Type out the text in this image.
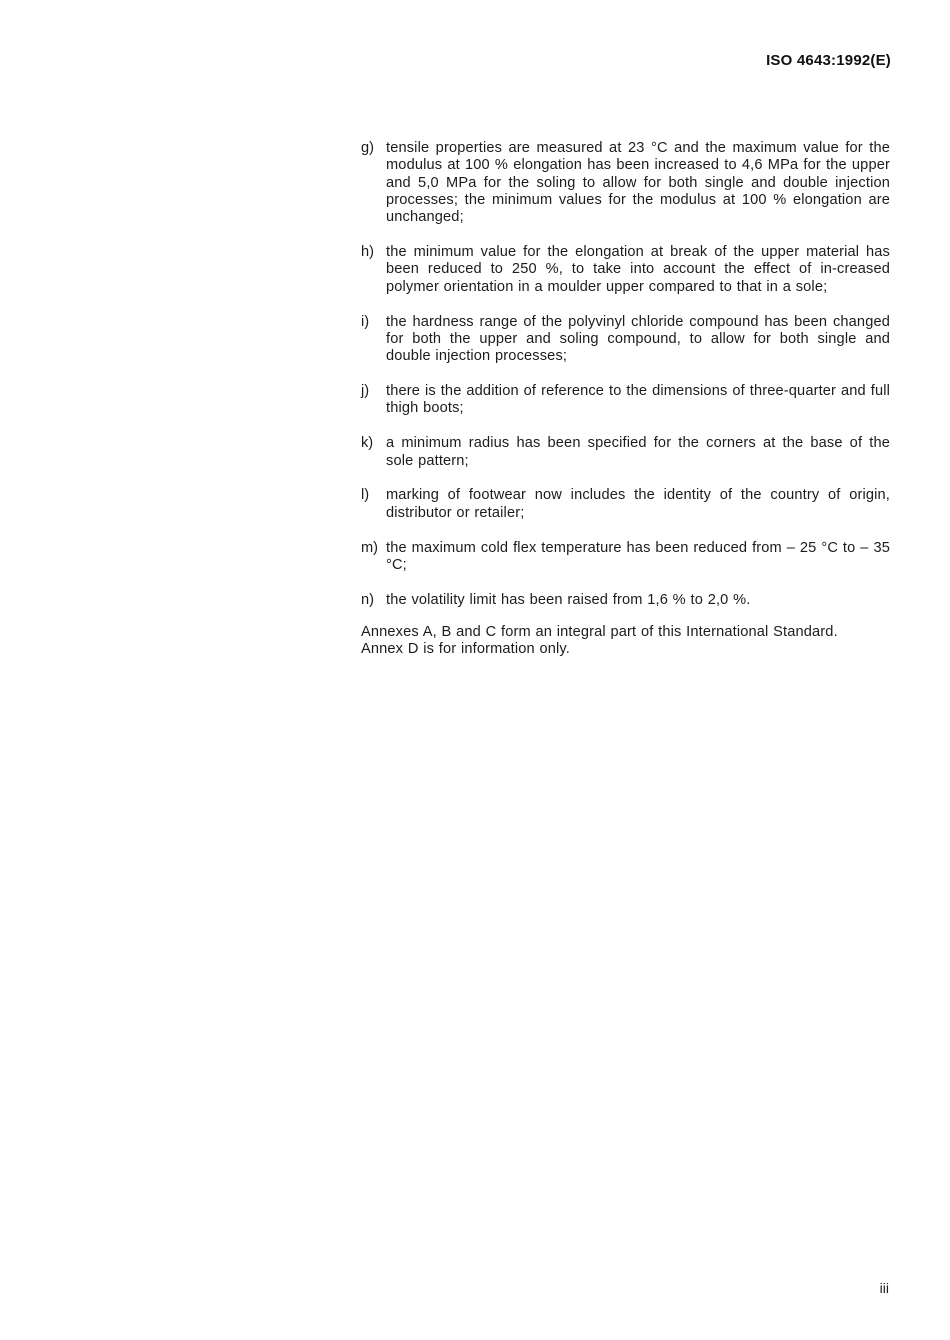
ISO 4643:1992(E)
g) tensile properties are measured at 23 °C and the maximum value for the modulus at 100 % elongation has been increased to 4,6 MPa for the upper and 5,0 MPa for the soling to allow for both single and double injection processes; the minimum values for the modulus at 100 % elongation are unchanged;
h) the minimum value for the elongation at break of the upper material has been reduced to 250 %, to take into account the effect of in-creased polymer orientation in a moulder upper compared to that in a sole;
i)	the hardness range of the polyvinyl chloride compound has been changed for both the upper and soling compound, to allow for both single and double injection processes;
j)	there is the addition of reference to the dimensions of three-quarter and full thigh boots;
k) a minimum radius has been specified for the corners at the base of the sole pattern;
l)	marking of footwear now includes the identity of the country of origin, distributor or retailer;
m) the maximum cold flex temperature has been reduced from – 25 °C to – 35 °C;
n) the volatility limit has been raised from 1,6 % to 2,0 %.
Annexes A, B and C form an integral part of this International Standard.
Annex D is for information only.
iii
